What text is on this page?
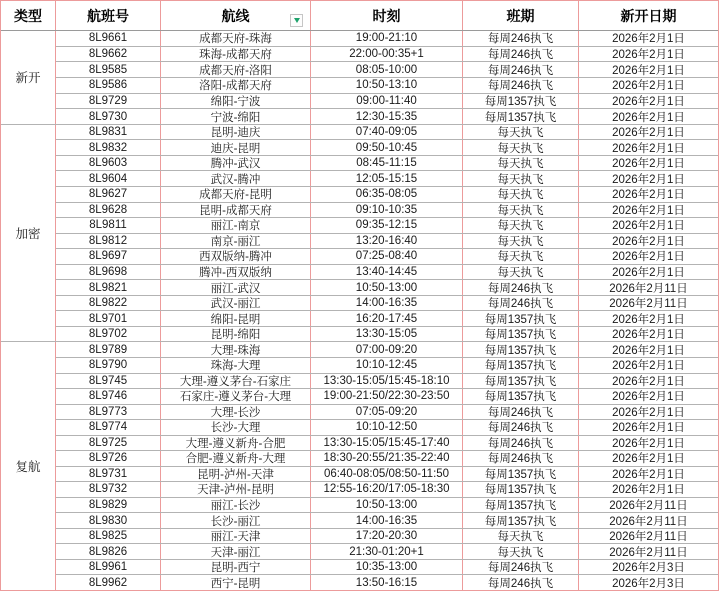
类型	航班号	航线	时刻	班期	新开日期
新开
8L9661	成都天府-珠海	19:00-21:10	每周246执飞	2026年2月1日
8L9662	珠海-成都天府	22:00-00:35+1	每周246执飞	2026年2月1日
8L9585	成都天府-洛阳	08:05-10:00	每周246执飞	2026年2月1日
8L9586	洛阳-成都天府	10:50-13:10	每周246执飞	2026年2月1日
8L9729	绵阳-宁波	09:00-11:40	每周1357执飞	2026年2月1日
8L9730	宁波-绵阳	12:30-15:35	每周1357执飞	2026年2月1日
加密
8L9831	昆明-迪庆	07:40-09:05	每天执飞	2026年2月1日
8L9832	迪庆-昆明	09:50-10:45	每天执飞	2026年2月1日
8L9603	腾冲-武汉	08:45-11:15	每天执飞	2026年2月1日
8L9604	武汉-腾冲	12:05-15:15	每天执飞	2026年2月1日
8L9627	成都天府-昆明	06:35-08:05	每天执飞	2026年2月1日
8L9628	昆明-成都天府	09:10-10:35	每天执飞	2026年2月1日
8L9811	丽江-南京	09:35-12:15	每天执飞	2026年2月1日
8L9812	南京-丽江	13:20-16:40	每天执飞	2026年2月1日
8L9697	西双版纳-腾冲	07:25-08:40	每天执飞	2026年2月1日
8L9698	腾冲-西双版纳	13:40-14:45	每天执飞	2026年2月1日
8L9821	丽江-武汉	10:50-13:00	每周246执飞	2026年2月11日
8L9822	武汉-丽江	14:00-16:35	每周246执飞	2026年2月11日
8L9701	绵阳-昆明	16:20-17:45	每周1357执飞	2026年2月1日
8L9702	昆明-绵阳	13:30-15:05	每周1357执飞	2026年2月1日
复航
8L9789	大理-珠海	07:00-09:20	每周1357执飞	2026年2月1日
8L9790	珠海-大理	10:10-12:45	每周1357执飞	2026年2月1日
8L9745	大理-遵义茅台-石家庄	13:30-15:05/15:45-18:10	每周1357执飞	2026年2月1日
8L9746	石家庄-遵义茅台-大理	19:00-21:50/22:30-23:50	每周1357执飞	2026年2月1日
8L9773	大理-长沙	07:05-09:20	每周246执飞	2026年2月1日
8L9774	长沙-大理	10:10-12:50	每周246执飞	2026年2月1日
8L9725	大理-遵义新舟-合肥	13:30-15:05/15:45-17:40	每周246执飞	2026年2月1日
8L9726	合肥-遵义新舟-大理	18:30-20:55/21:35-22:40	每周246执飞	2026年2月1日
8L9731	昆明-泸州-天津	06:40-08:05/08:50-11:50	每周1357执飞	2026年2月1日
8L9732	天津-泸州-昆明	12:55-16:20/17:05-18:30	每周1357执飞	2026年2月1日
8L9829	丽江-长沙	10:50-13:00	每周1357执飞	2026年2月11日
8L9830	长沙-丽江	14:00-16:35	每周1357执飞	2026年2月11日
8L9825	丽江-天津	17:20-20:30	每天执飞	2026年2月11日
8L9826	天津-丽江	21:30-01:20+1	每天执飞	2026年2月11日
8L9961	昆明-西宁	10:35-13:00	每周246执飞	2026年2月3日
8L9962	西宁-昆明	13:50-16:15	每周246执飞	2026年2月3日
